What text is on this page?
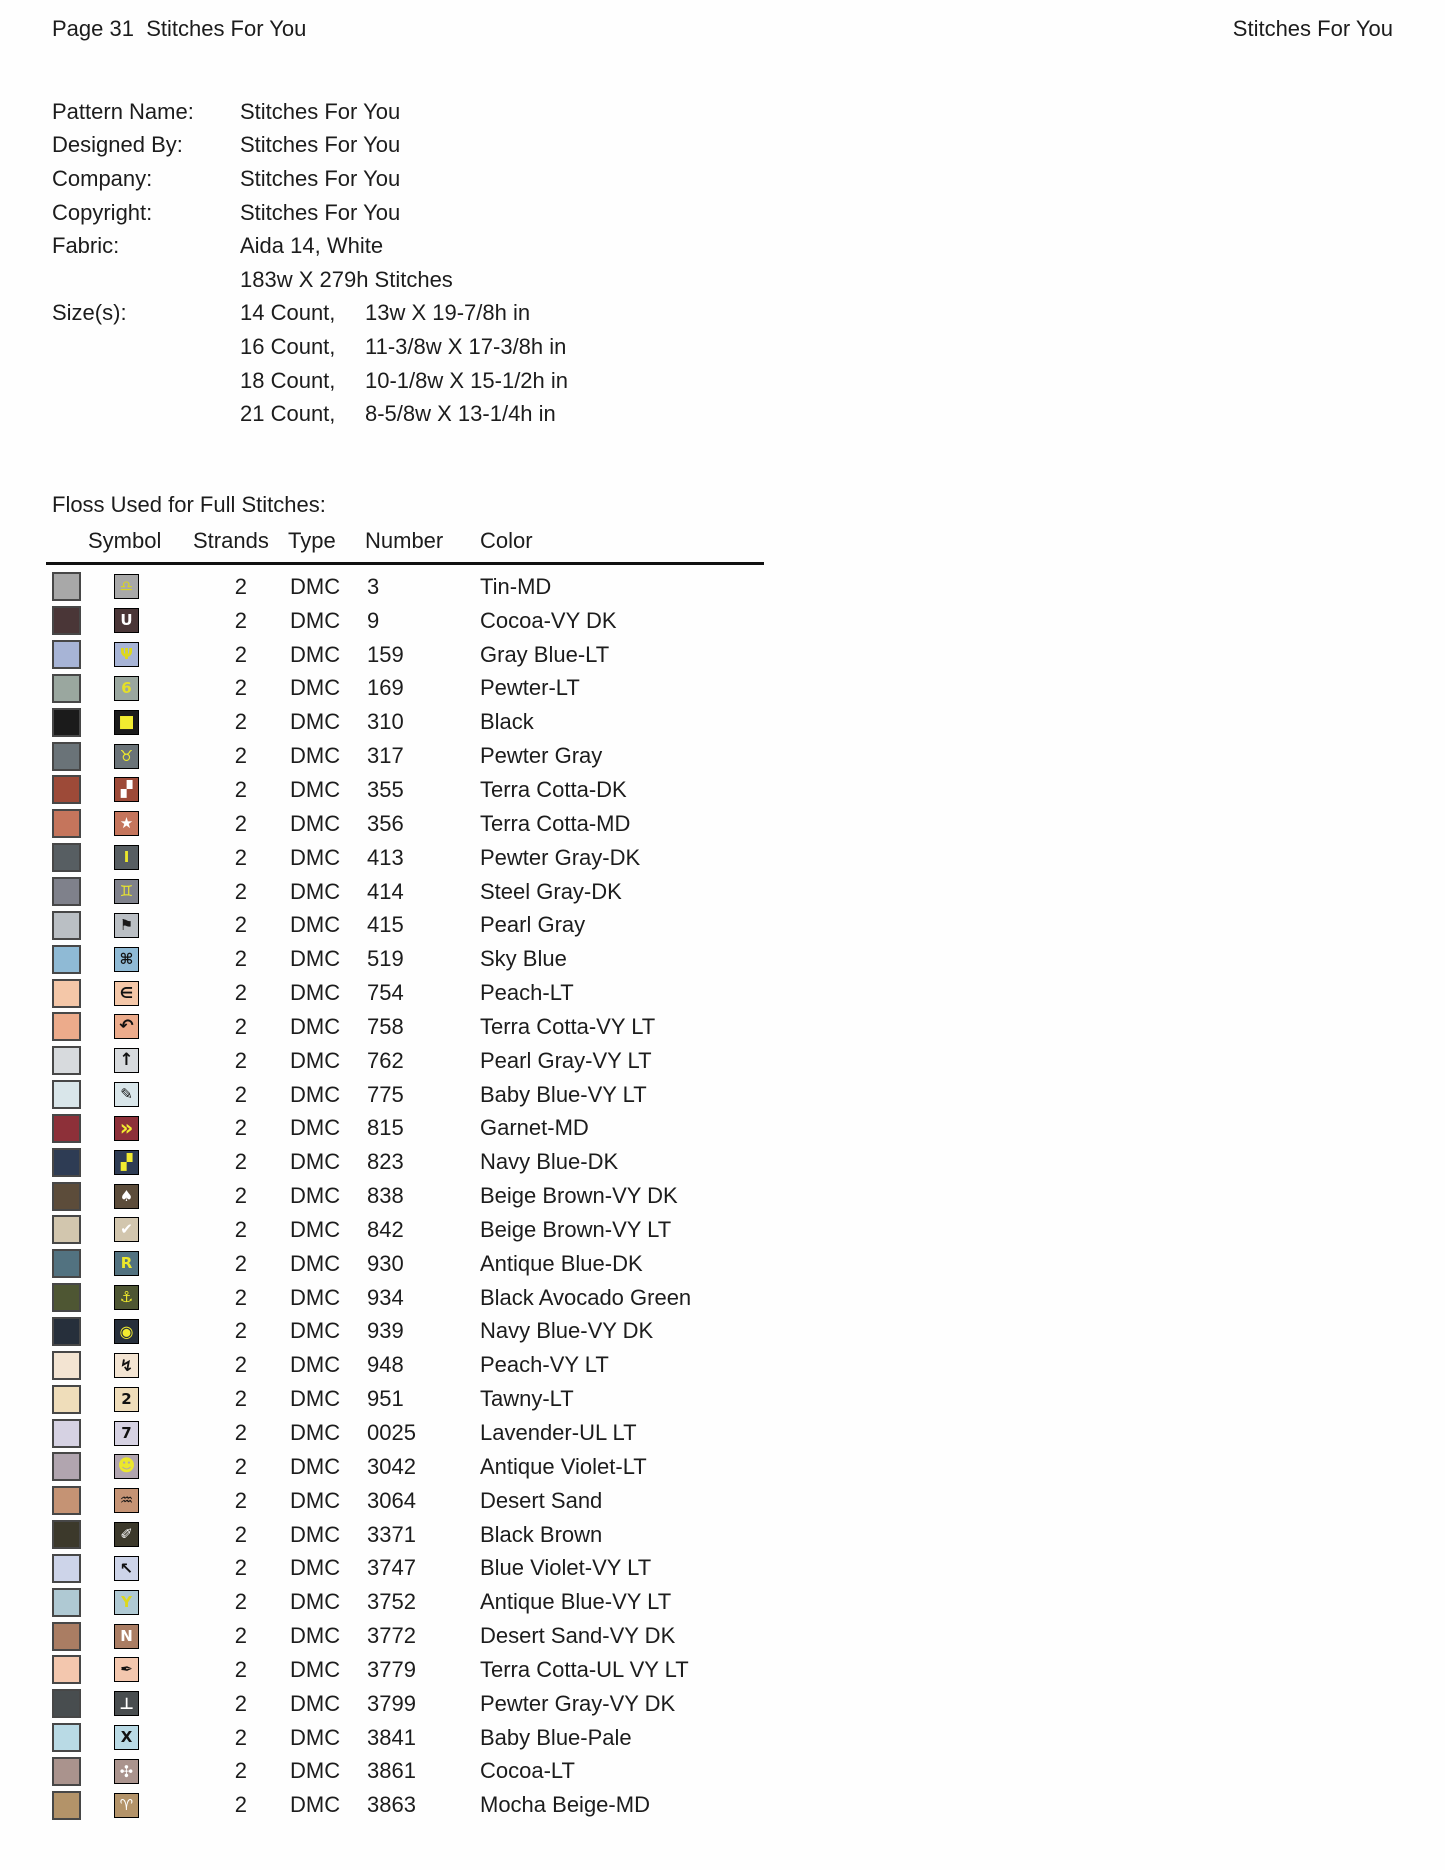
Page 31  Stitches For You	Stitches For You
Pattern Name:	Stitches For You
Designed By:	Stitches For You
Company:	Stitches For You
Copyright:	Stitches For You
Fabric:	Aida 14, White
183w X 279h Stitches
Size(s):	14 Count,	13w X 19-7/8h in
16 Count,	11-3/8w X 17-3/8h in
18 Count,	10-1/8w X 15-1/2h in
21 Count,	8-5/8w X 13-1/4h in
Floss Used for Full Stitches:
Symbol Strands Type Number Color
♎	2 DMC	3	Tin-MD
U	2 DMC	9	Cocoa-VY DK
Ψ	2 DMC	159	Gray Blue-LT
6	2 DMC	169	Pewter-LT
■	2 DMC	310	Black
♉	2 DMC	317	Pewter Gray
▞	2 DMC	355	Terra Cotta-DK
★	2 DMC	356	Terra Cotta-MD
Ⅰ	2 DMC	413	Pewter Gray-DK
♊	2 DMC	414	Steel Gray-DK
⚑	2 DMC	415	Pearl Gray
⌘	2 DMC	519	Sky Blue
∈	2 DMC	754	Peach-LT
↶	2 DMC	758	Terra Cotta-VY LT
↑	2 DMC	762	Pearl Gray-VY LT
✎	2 DMC	775	Baby Blue-VY LT
»	2 DMC	815	Garnet-MD
▞	2 DMC	823	Navy Blue-DK
♠	2 DMC	838	Beige Brown-VY DK
✔	2 DMC	842	Beige Brown-VY LT
R	2 DMC	930	Antique Blue-DK
⚓	2 DMC	934	Black Avocado Green
◉	2 DMC	939	Navy Blue-VY DK
↯	2 DMC	948	Peach-VY LT
2	2 DMC	951	Tawny-LT
7	2 DMC	0025	Lavender-UL LT
☻	2 DMC	3042	Antique Violet-LT
♒	2 DMC	3064	Desert Sand
✐	2 DMC	3371	Black Brown
↖	2 DMC	3747	Blue Violet-VY LT
Y	2 DMC	3752	Antique Blue-VY LT
N	2 DMC	3772	Desert Sand-VY DK
✒	2 DMC	3779	Terra Cotta-UL VY LT
⊥	2 DMC	3799	Pewter Gray-VY DK
Ⅹ	2 DMC	3841	Baby Blue-Pale
✣	2 DMC	3861	Cocoa-LT
♈	2 DMC	3863	Mocha Beige-MD
